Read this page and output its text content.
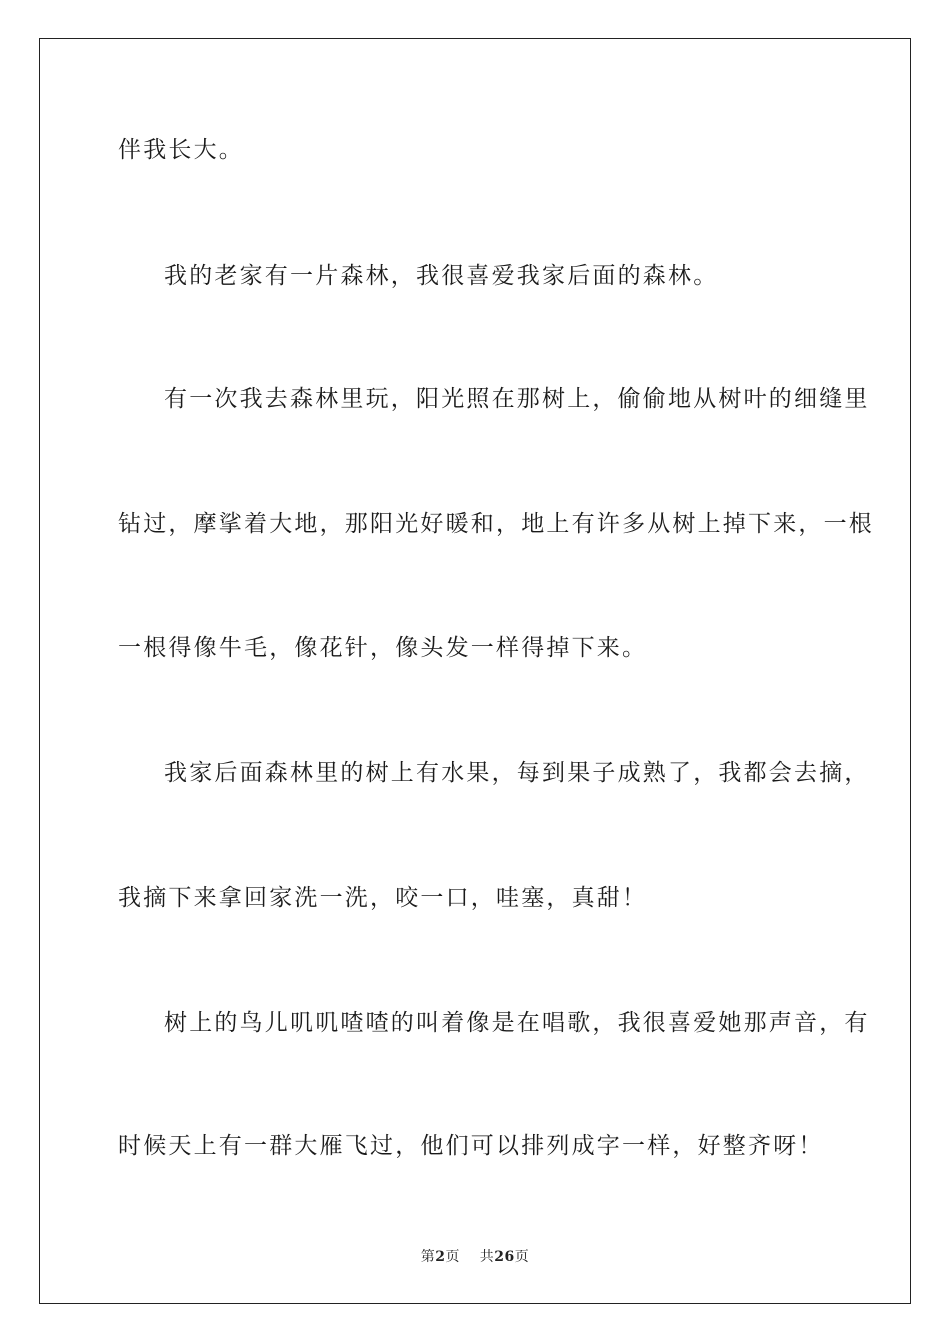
伴我长大。
我的老家有一片森林，我很喜爱我家后面的森林。
有一次我去森林里玩，阳光照在那树上，偷偷地从树叶的细缝里
钻过，摩挲着大地，那阳光好暖和，地上有许多从树上掉下来，一根
一根得像牛毛，像花针，像头发一样得掉下来。
我家后面森林里的树上有水果，每到果子成熟了，我都会去摘，
我摘下来拿回家洗一洗，咬一口，哇塞，真甜！
树上的鸟儿叽叽喳喳的叫着像是在唱歌，我很喜爱她那声音，有
时候天上有一群大雁飞过，他们可以排列成字一样，好整齐呀！
第2页 共26页
